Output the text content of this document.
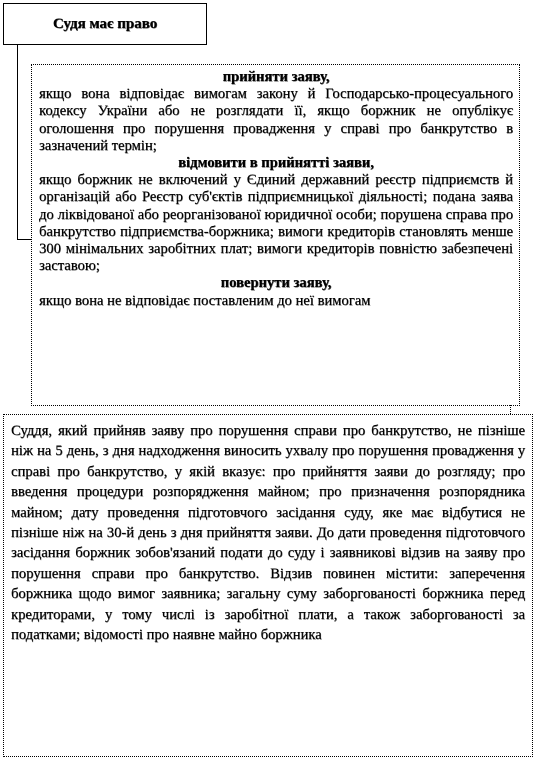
Судя має право
прийняти заяву,
якщо вона відповідає вимогам закону й Господарсько-процесуального кодексу України або не розглядати її, якщо боржник не опублікує оголошення про порушення провадження у справі про банкрутство в зазначений термін;
відмовити в прийнятті заяви,
якщо боржник не включений у Єдиний державний реєстр підприємств й організацій або Реєстр суб'єктів підприємницької діяльності; подана заява до ліквідованої або реорганізованої юридичної особи; порушена справа про банкрутство підприємства-боржника; вимоги кредиторів становлять менше 300 мінімальних заробітних плат; вимоги кредиторів повністю забезпечені заставою;
повернути заяву,
якщо вона не відповідає поставленим до неї вимогам
Суддя, який прийняв заяву про порушення справи про банкрутство, не пізніше ніж на 5 день, з дня надходження виносить ухвалу про порушення провадження у справі про банкрутство, у якій вказує: про прийняття заяви до розгляду; про введення процедури розпорядження майном; про призначення розпорядника майном; дату проведення підготовчого засідання суду, яке має відбутися не пізніше ніж на 30-й день з дня прийняття заяви. До дати проведення підготовчого засідання боржник зобов'язаний подати до суду і заявникові відзив на заяву про порушення справи про банкрутство. Відзив повинен містити: заперечення боржника щодо вимог заявника; загальну суму заборгованості боржника перед кредиторами, у тому числі із заробітної плати, а також заборгованості за податками; відомості про наявне майно боржника
